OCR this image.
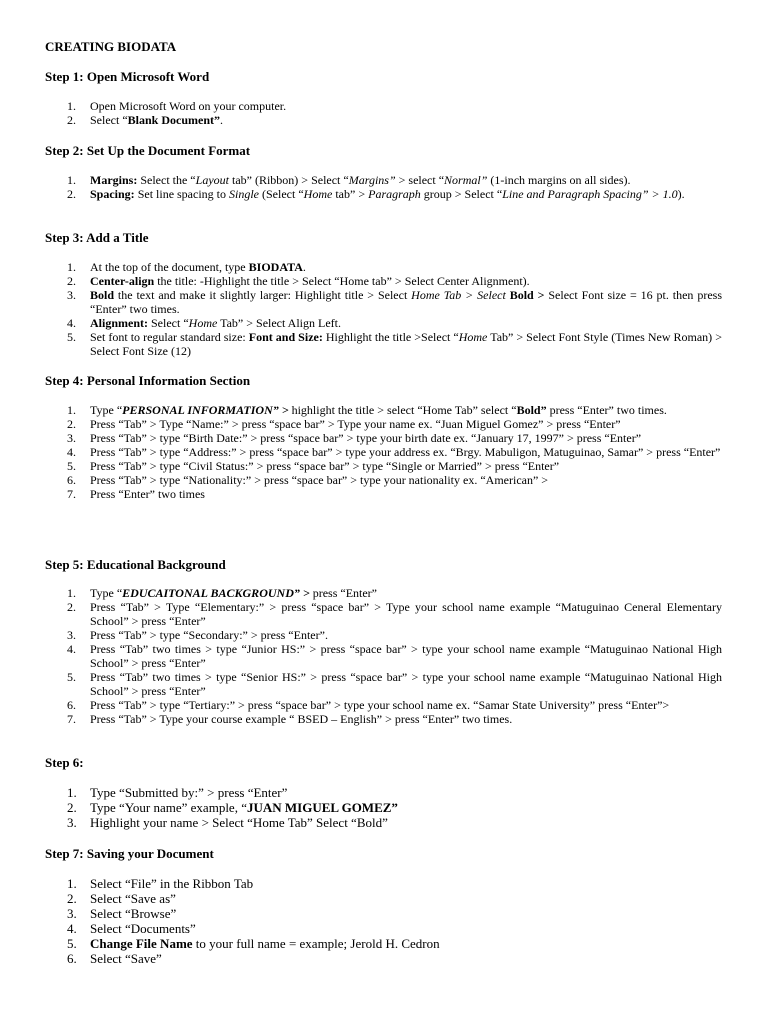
CREATING BIODATA
Step 1: Open Microsoft Word
1.	Open Microsoft Word on your computer.
2.	Select “Blank Document”.
Step 2: Set Up the Document Format
1.	Margins: Select the “Layout tab” (Ribbon) > Select “Margins” > select “Normal” (1-inch margins on all sides).
2.	Spacing: Set line spacing to Single (Select “Home tab” > Paragraph group > Select “Line and Paragraph Spacing” > 1.0).
Step 3: Add a Title
1.	At the top of the document, type BIODATA.
2.	Center-align the title: -Highlight the title > Select “Home tab” > Select Center Alignment).
3.	Bold the text and make it slightly larger: Highlight title > Select Home Tab > Select Bold > Select Font size = 16 pt. then press “Enter” two times.
4.	Alignment: Select “Home Tab” > Select Align Left.
5.	Set font to regular standard size: Font and Size: Highlight the title >Select “Home Tab” > Select Font Style (Times New Roman) > Select Font Size (12)
Step 4: Personal Information Section
1.	Type “PERSONAL INFORMATION” > highlight the title > select “Home Tab” select “Bold” press “Enter” two times.
2.	Press “Tab” > Type “Name:” > press “space bar” > Type your name ex. “Juan Miguel Gomez” > press “Enter”
3.	Press “Tab” > type “Birth Date:” > press “space bar” > type your birth date ex. “January 17, 1997” > press “Enter”
4.	Press “Tab” > type “Address:” > press “space bar” > type your address ex. “Brgy. Mabuligon, Matuguinao, Samar” > press “Enter”
5.	Press “Tab” > type “Civil Status:” > press “space bar” > type “Single or Married” > press “Enter”
6.	Press “Tab” > type “Nationality:” > press “space bar” > type your nationality ex. “American” >
7.	Press “Enter” two times
Step 5: Educational Background
1.	Type “EDUCAITONAL BACKGROUND” > press “Enter”
2.	Press “Tab” > Type “Elementary:” > press “space bar” > Type your school name example “Matuguinao Ceneral Elementary School” > press “Enter”
3.	Press “Tab” > type “Secondary:” > press “Enter”.
4.	Press “Tab” two times > type “Junior HS:” > press “space bar” > type your school name example “Matuguinao National High School” > press “Enter”
5.	Press “Tab” two times > type “Senior HS:” > press “space bar” > type your school name example “Matuguinao National High School” > press “Enter”
6.	Press “Tab” > type “Tertiary:” > press “space bar” > type your school name ex. “Samar State University” press “Enter”>
7.	Press “Tab” > Type your course example “ BSED – English” > press “Enter” two times.
Step 6:
1.	Type “Submitted by:” > press “Enter”
2.	Type “Your name” example, “JUAN MIGUEL GOMEZ”
3.	Highlight your name > Select “Home Tab” Select “Bold”
Step 7: Saving your Document
1.	Select “File” in the Ribbon Tab
2.	Select “Save as”
3.	Select “Browse”
4.	Select “Documents”
5.	Change File Name to your full name = example; Jerold H. Cedron
6.	Select “Save”
